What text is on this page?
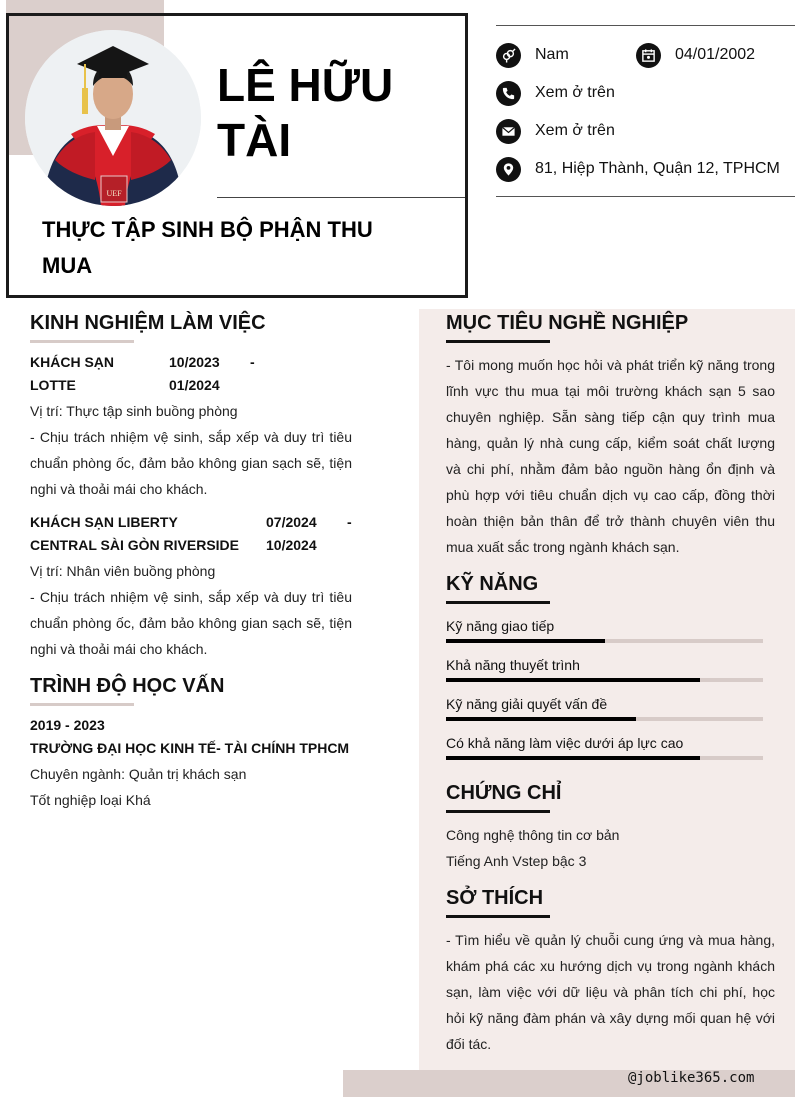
UEF
LÊ HỮU
TÀI
THỰC TẬP SINH BỘ PHẬN THU MUA
Nam	04/01/2002
Xem ở trên
Xem ở trên
81, Hiệp Thành, Quận 12, TPHCM
KINH NGHIỆM LÀM VIỆC
KHÁCH SẠN LOTTE
10/2023 -
01/2024
Vị trí: Thực tập sinh buồng phòng
- Chịu trách nhiệm vệ sinh, sắp xếp và duy trì tiêu chuẩn phòng ốc, đảm bảo không gian sạch sẽ, tiện nghi và thoải mái cho khách.
KHÁCH SẠN LIBERTY CENTRAL SÀI GÒN RIVERSIDE
07/2024 -
10/2024
Vị trí: Nhân viên buồng phòng
- Chịu trách nhiệm vệ sinh, sắp xếp và duy trì tiêu chuẩn phòng ốc, đảm bảo không gian sạch sẽ, tiện nghi và thoải mái cho khách.
TRÌNH ĐỘ HỌC VẤN
2019 - 2023
TRƯỜNG ĐẠI HỌC KINH TẾ- TÀI CHÍNH TPHCM
Chuyên ngành: Quản trị khách sạn
Tốt nghiệp loại Khá
MỤC TIÊU NGHỀ NGHIỆP
- Tôi mong muốn học hỏi và phát triển kỹ năng trong lĩnh vực thu mua tại môi trường khách sạn 5 sao chuyên nghiệp. Sẵn sàng tiếp cận quy trình mua hàng, quản lý nhà cung cấp, kiểm soát chất lượng và chi phí, nhằm đảm bảo nguồn hàng ổn định và phù hợp với tiêu chuẩn dịch vụ cao cấp, đồng thời hoàn thiện bản thân để trở thành chuyên viên thu mua xuất sắc trong ngành khách sạn.
KỸ NĂNG
Kỹ năng giao tiếp
Khả năng thuyết trình
Kỹ năng giải quyết vấn đề
Có khả năng làm việc dưới áp lực cao
CHỨNG CHỈ
Công nghệ thông tin cơ bản
Tiếng Anh Vstep bậc 3
SỞ THÍCH
- Tìm hiểu về quản lý chuỗi cung ứng và mua hàng, khám phá các xu hướng dịch vụ trong ngành khách sạn, làm việc với dữ liệu và phân tích chi phí, học hỏi kỹ năng đàm phán và xây dựng mối quan hệ với đối tác.
@joblike365.com
